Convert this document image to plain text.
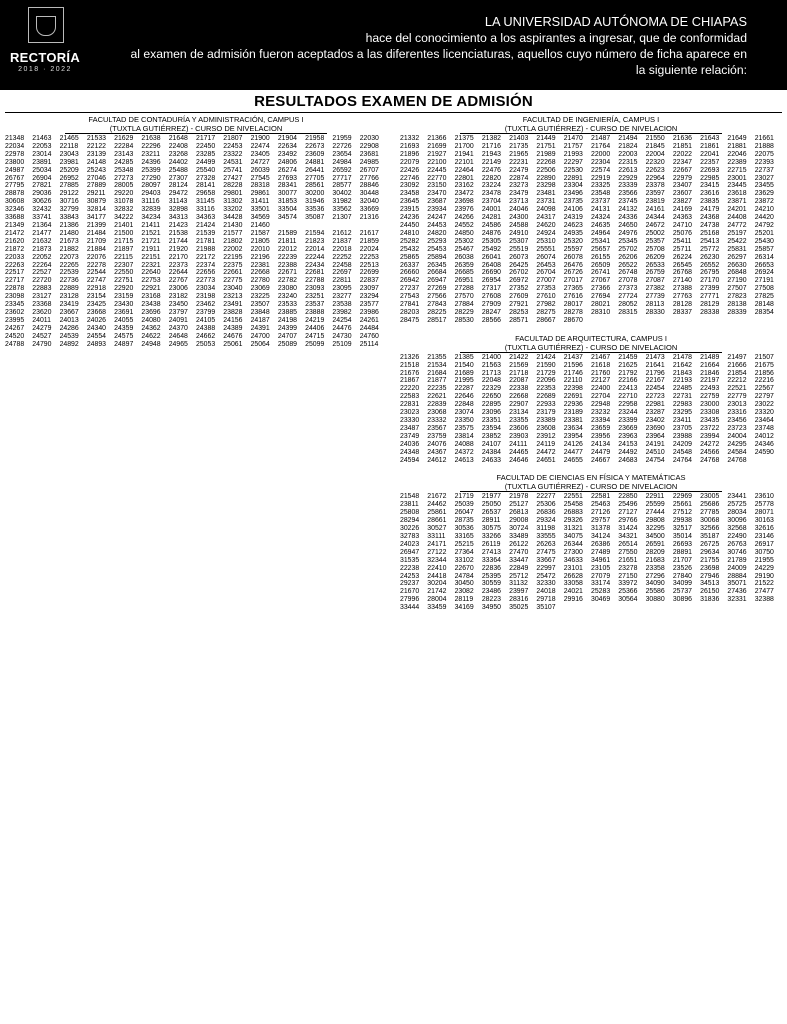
RECTORÍA
2018 · 2022
LA UNIVERSIDAD AUTÓNOMA DE CHIAPAS
hace del conocimiento a los aspirantes a ingresar, que de conformidad
al examen de admisión fueron aceptados a las diferentes licenciaturas, aquellos cuyo número de ficha aparece en
la siguiente relación:
RESULTADOS EXAMEN DE ADMISIÓN
FACULTAD DE CONTADURÍA Y ADMINISTRACIÓN, CAMPUS I
(TUXTLA GUTIÉRREZ) - CURSO DE NIVELACION
21348	21463	21465	21533	21629	21638	21648	21717	21807	21900	21904	21958	21959	22030
22034	22053	22118	22122	22284	22296	22408	22450	22453	22474	22634	22673	22726	22908
22978	23014	23043	23139	23143	23211	23268	23285	23322	23405	23492	23609	23654	23681
23800	23891	23981	24148	24285	24396	24402	24499	24531	24727	24806	24881	24984	24985
24987	25034	25209	25243	25348	25399	25488	25540	25741	26039	26274	26441	26592	26707
26767	26904	26952	27046	27273	27290	27307	27328	27427	27545	27693	27705	27717	27766
27795	27821	27885	27889	28005	28097	28124	28141	28228	28318	28341	28561	28577	28846
28878	29036	29122	29211	29220	29403	29472	29658	29801	29861	30077	30200	30402	30448
30608	30626	30716	30879	31078	31116	31143	31145	31302	31411	31853	31946	31982	32040
32346	32432	32799	32814	32832	32839	32898	33116	33202	33501	33504	33536	33562	33669
33688	33741	33843	34177	34222	34234	34313	34363	34428	34569	34574	35087	21307	21316
21349	21364	21386	21399	21401	21411	21423	21424	21430	21460
21472	21477	21480	21484	21500	21521	21538	21539	21577	21587	21589	21594	21612	21617
21620	21632	21673	21709	21715	21721	21744	21781	21802	21805	21811	21823	21837	21859
21872	21873	21882	21884	21897	21911	21920	21988	22002	22010	22012	22014	22018	22024
22033	22052	22073	22076	22115	22151	22170	22172	22195	22196	22239	22244	22252	22253
22263	22264	22265	22278	22307	22321	22373	22374	22375	22381	22388	22434	22458	22513
22517	22527	22539	22544	22550	22640	22644	22656	22661	22668	22671	22681	22697	22699
22717	22720	22736	22747	22751	22753	22767	22773	22775	22780	22782	22788	22811	22837
22878	22883	22889	22918	22920	22921	23006	23034	23040	23069	23080	23093	23095	23097
23098	23127	23128	23154	23159	23168	23182	23198	23213	23225	23240	23251	23277	23294
23345	23368	23419	23425	23430	23438	23450	23462	23491	23507	23533	23537	23538	23577
23602	23620	23667	23668	23691	23696	23797	23799	23828	23848	23885	23888	23982	23986
23995	24011	24013	24026	24055	24080	24091	24105	24156	24187	24198	24219	24254	24261
24267	24279	24286	24340	24359	24362	24370	24388	24389	24391	24399	24406	24476	24484
24520	24527	24539	24554	24575	24622	24648	24662	24676	24700	24707	24715	24730	24760
24788	24790	24892	24893	24897	24948	24965	25053	25061	25064	25089	25099	25109	25114
FACULTAD DE INGENIERÍA, CAMPUS I
(TUXTLA GUTIÉRREZ) - CURSO DE NIVELACION
21332	21366	21375	21382	21403	21449	21470	21487	21494	21550	21636	21643	21649	21661
21693	21699	21700	21716	21735	21751	21757	21764	21824	21845	21851	21861	21881	21888
21896	21927	21941	21943	21965	21989	21993	22000	22003	22004	22022	22041	22046	22075
22079	22100	22101	22149	22231	22268	22297	22304	22315	22320	22347	22357	22389	22393
22426	22445	22464	22476	22479	22506	22530	22574	22613	22623	22667	22693	22715	22737
22746	22770	22801	22820	22874	22890	22891	22919	22929	22964	22979	22985	23001	23027
23092	23150	23162	23224	23273	23298	23304	23325	23339	23378	23407	23415	23445	23455
23458	23470	23472	23478	23479	23481	23496	23548	23566	23597	23607	23616	23618	23629
23645	23687	23698	23704	23713	23731	23735	23737	23745	23819	23827	23835	23871	23872
23915	23934	23976	24001	24046	24098	24106	24131	24132	24161	24169	24179	24201	24210
24236	24247	24266	24281	24300	24317	24319	24324	24336	24344	24363	24368	24408	24420
24450	24453	24552	24586	24588	24620	24623	24635	24650	24672	24710	24738	24772	24792
24810	24820	24850	24876	24910	24924	24935	24964	24976	25002	25076	25168	25197	25201
25282	25293	25302	25305	25307	25310	25320	25341	25345	25357	25411	25413	25422	25430
25432	25453	25467	25492	25519	25551	25597	25657	25702	25708	25711	25772	25831	25857
25865	25894	26038	26041	26073	26074	26078	26155	26206	26209	26224	26230	26297	26314
26337	26345	26359	26408	26425	26453	26476	26509	26522	26533	26545	26552	26630	26653
26660	26684	26685	26690	26702	26704	26726	26741	26748	26759	26768	26795	26848	26924
26942	26947	26951	26954	26972	27007	27017	27067	27078	27087	27140	27170	27190	27191
27237	27269	27288	27317	27352	27353	27365	27366	27373	27382	27388	27399	27507	27508
27543	27566	27570	27608	27609	27610	27616	27694	27724	27739	27763	27771	27823	27825
27841	27843	27884	27909	27921	27982	28017	28021	28052	28113	28128	28129	28138	28148
28203	28225	28229	28247	28253	28275	28278	28310	28315	28330	28337	28338	28339	28354
28475	28517	28530	28566	28571	28667	28670
FACULTAD DE ARQUITECTURA, CAMPUS I
(TUXTLA GUTIÉRREZ) - CURSO DE NIVELACION
21326	21355	21385	21400	21422	21424	21437	21467	21459	21473	21478	21489	21497	21507
21518	21534	21540	21563	21569	21590	21596	21618	21625	21641	21642	21664	21666	21675
21676	21684	21689	21713	21718	21729	21746	21760	21792	21796	21843	21846	21854	21856
21867	21877	21995	22048	22087	22096	22110	22127	22166	22167	22193	22197	22212	22216
22220	22235	22287	22329	22338	22353	22398	22400	22413	22454	22485	22493	22521	22567
22583	22621	22646	22650	22668	22689	22691	22704	22710	22723	22731	22759	22779	22797
22831	22839	22848	22895	22907	22933	22936	22948	22958	22981	22983	23000	23013	23022
23023	23068	23074	23096	23134	23179	23189	23232	23244	23287	23295	23308	23316	23320
23330	23332	23350	23351	23355	23389	23381	23394	23399	23402	23411	23435	23456	23464
23487	23567	23575	23594	23606	23608	23634	23659	23669	23690	23705	23722	23723	23748
23749	23759	23814	23852	23903	23912	23954	23956	23963	23964	23988	23994	24004	24012
24036	24076	24088	24107	24111	24119	24126	24134	24153	24191	24209	24272	24295	24346
24348	24367	24372	24384	24465	24472	24477	24479	24492	24510	24548	24566	24584	24590
24594	24612	24613	24633	24646	24651	24655	24667	24683	24754	24764	24768	24768
FACULTAD DE CIENCIAS EN FÍSICA Y MATEMÁTICAS
(TUXTLA GUTIÉRREZ) - CURSO DE NIVELACION
21548	21672	21719	21977	21978	22277	22551	22581	22850	22911	22969	23005	23441	23610
23811	24462	25039	25050	25127	25306	25458	25463	25496	25599	25661	25686	25725	25778
25808	25861	26047	26537	26813	26836	26883	27126	27127	27444	27512	27785	28034	28071
28294	28661	28735	28911	29008	29324	29326	29757	29766	29808	29938	30068	30096	30163
30226	30527	30536	30575	30724	31198	31321	31378	31424	32295	32517	32566	32568	32616
32783	33111	33165	33266	33489	33555	34075	34124	34321	34500	35014	35187	22490	23146
24023	24171	25215	26119	26122	26263	26344	26386	26514	26591	26693	26725	26763	26917
26947	27122	27364	27413	27470	27475	27300	27489	27550	28209	28891	29634	30746	30750
31535	32344	33102	33364	33447	33667	34633	34961	21651	21683	21707	21755	21789	21955
22238	22410	22670	22836	22849	22997	23101	23105	23278	23358	23526	23698	24009	24229
24253	24418	24784	25395	25712	25472	26628	27079	27150	27296	27840	27946	28884	29190
29237	30204	30450	30559	31132	32330	33058	33174	33972	34090	34099	34513	35071	21522
21670	21742	23082	23486	23997	24018	24021	25283	25366	25586	25737	26150	27436	27477
27996	28004	28119	28223	28316	29718	29916	30469	30564	30880	30896	31836	32331	32388
33444	33459	34169	34950	35025	35107
